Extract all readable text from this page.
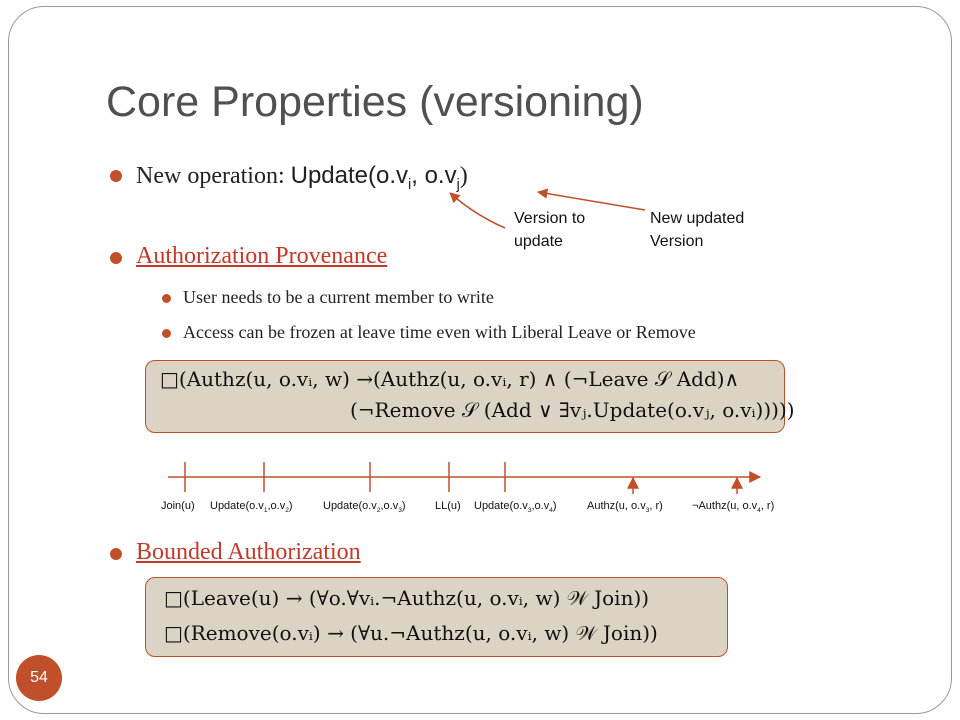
Core Properties (versioning)
New operation: $Update(o.v_i$, $o.v_j$)
Version to
update
New updated
Version
Authorization Provenance
User needs to be a current member to write
Access can be frozen at leave time even with Liberal Leave or Remove
□(Authz(u, o.vᵢ, w) →(Authz(u, o.vᵢ, r) ∧ (¬Leave 𝒮 Add)∧
(¬Remove 𝒮 (Add ∨ ∃vⱼ.Update(o.vⱼ, o.vᵢ)))))
Join(u) $Update(o.v_1,o.v_2)$	$Update(o.v_2,o.v_3)$	LL(u) $Update(o.v_3,o.v_4)$	Authz(u, $o.v_3$, r)	¬Authz(u, $o.v_4$, r)
Bounded Authorization
□(Leave(u) → (∀o.∀vᵢ.¬Authz(u, o.vᵢ, w) 𝒲 Join))
□(Remove(o.vᵢ) → (∀u.¬Authz(u, o.vᵢ, w) 𝒲 Join))
54
